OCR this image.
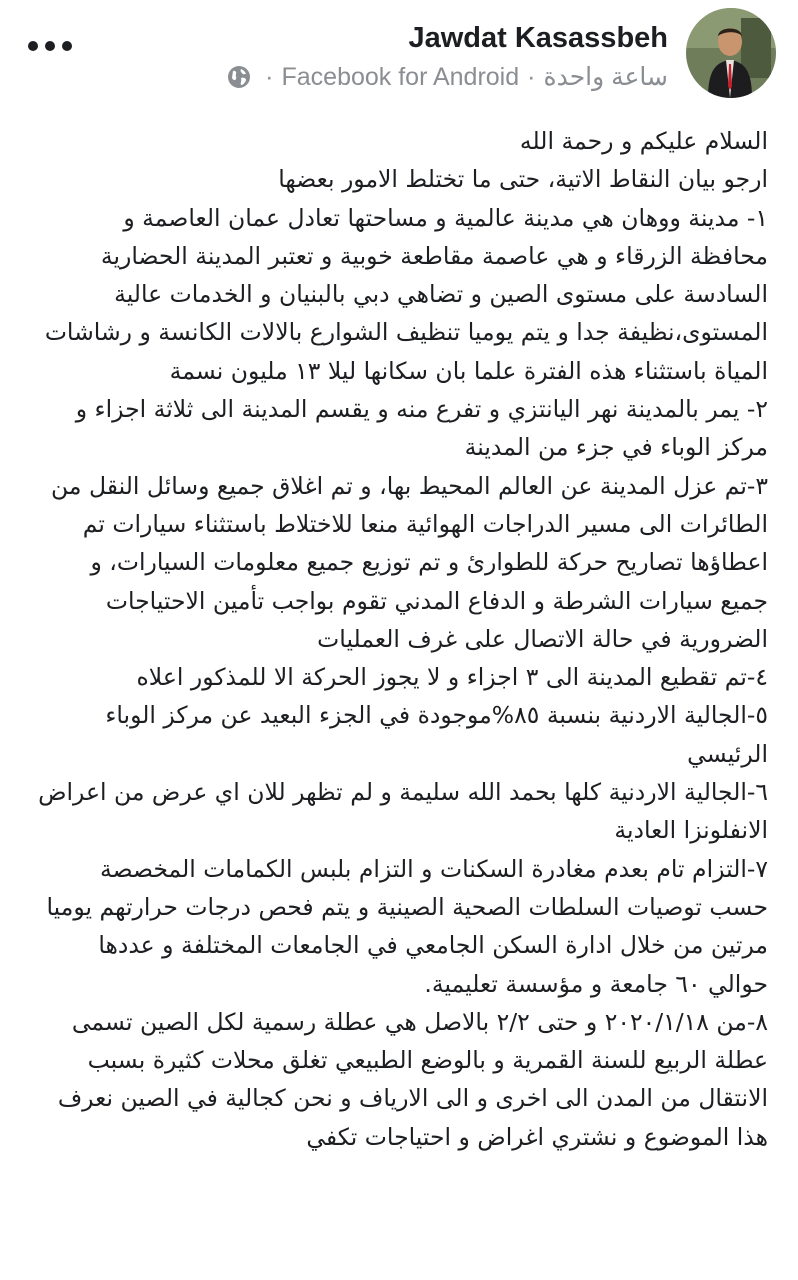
Jawdat Kasassbeh
· Facebook for Android · ساعة واحدة

السلام عليكم و رحمة الله

ارجو بيان النقاط الاتية، حتى ما تختلط الامور بعضها

١- مدينة ووهان هي مدينة عالمية و مساحتها تعادل عمان العاصمة و محافظة الزرقاء و هي عاصمة مقاطعة خوبية و تعتبر المدينة الحضارية السادسة على مستوى الصين و تضاهي دبي بالبنيان و الخدمات عالية المستوى،نظيفة جدا و يتم يوميا تنظيف الشوارع بالالات الكانسة و رشاشات المياة باستثناء هذه الفترة علما بان سكانها ليلا ١٣ مليون نسمة

٢- يمر بالمدينة نهر اليانتزي و تفرع منه و يقسم المدينة الى ثلاثة اجزاء و مركز الوباء في جزء من المدينة

٣-تم عزل المدينة عن العالم المحيط بها، و تم اغلاق جميع وسائل النقل من الطائرات الى مسير الدراجات الهوائية منعا للاختلاط باستثناء سيارات تم اعطاؤها تصاريح حركة للطوارئ و تم توزيع جميع معلومات السيارات، و جميع سيارات الشرطة و الدفاع المدني تقوم بواجب تأمين الاحتياجات الضرورية في حالة الاتصال على غرف العمليات

٤-تم تقطيع المدينة الى ٣ اجزاء و لا يجوز الحركة الا للمذكور اعلاه

٥-الجالية الاردنية بنسبة ٨٥%موجودة في الجزء البعيد عن مركز الوباء الرئيسي

٦-الجالية الاردنية كلها بحمد الله سليمة و لم تظهر للان اي عرض من اعراض الانفلونزا العادية

٧-التزام تام بعدم مغادرة السكنات و التزام بلبس الكمامات المخصصة حسب توصيات السلطات الصحية الصينية و يتم فحص درجات حرارتهم يوميا مرتين من خلال ادارة السكن الجامعي في الجامعات المختلفة و عددها حوالي ٦٠ جامعة و مؤسسة تعليمية.

٨-من ٢٠٢٠/١/١٨ و حتى ٢/٢ بالاصل هي عطلة رسمية لكل الصين تسمى عطلة الربيع للسنة القمرية و بالوضع الطبيعي تغلق محلات كثيرة بسبب الانتقال من المدن الى اخرى و الى الارياف و نحن كجالية في الصين نعرف هذا الموضوع و نشتري اغراض و احتياجات تكفي
